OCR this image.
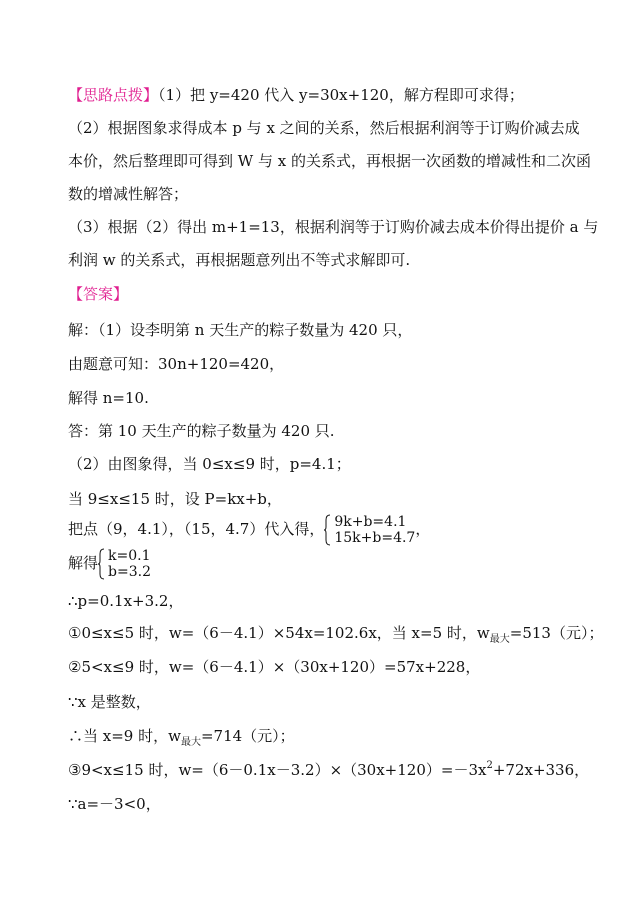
【思路点拨】（1）把 y=420 代入 y=30x+120，解方程即可求得；
（2）根据图象求得成本 p 与 x 之间的关系，然后根据利润等于订购价减去成
本价，然后整理即可得到 W 与 x 的关系式，再根据一次函数的增减性和二次函
数的增减性解答；
（3）根据（2）得出 m+1=13，根据利润等于订购价减去成本价得出提价 a 与
利润 w 的关系式，再根据题意列出不等式求解即可.
【答案】
解：（1）设李明第 n 天生产的粽子数量为 420 只，
由题意可知：30n+120=420，
解得 n=10.
答：第 10 天生产的粽子数量为 420 只.
（2）由图象得，当 0≤x≤9 时，p=4.1；
当 9≤x≤15 时，设 P=kx+b，
把点（9，4.1），（15，4.7）代入得， 9k+b=4.1
15k+b=4.7 ，
解得 k=0.1
b=3.2
∴p=0.1x+3.2，
①0≤x≤5 时，w=（6－4.1）×54x=102.6x，当 x=5 时，$w_{最大}=513$（元）；
②5<x≤9 时，w=（6－4.1）×（30x+120）=57x+228，
∵x 是整数，
∴当 x=9 时，$w_{最大}=714$（元）；
③9<x≤15 时，$w=(6-0.1x-3.2)\times(30x+120)=-3x^2+72x+336$，
∵a=－3<0，
